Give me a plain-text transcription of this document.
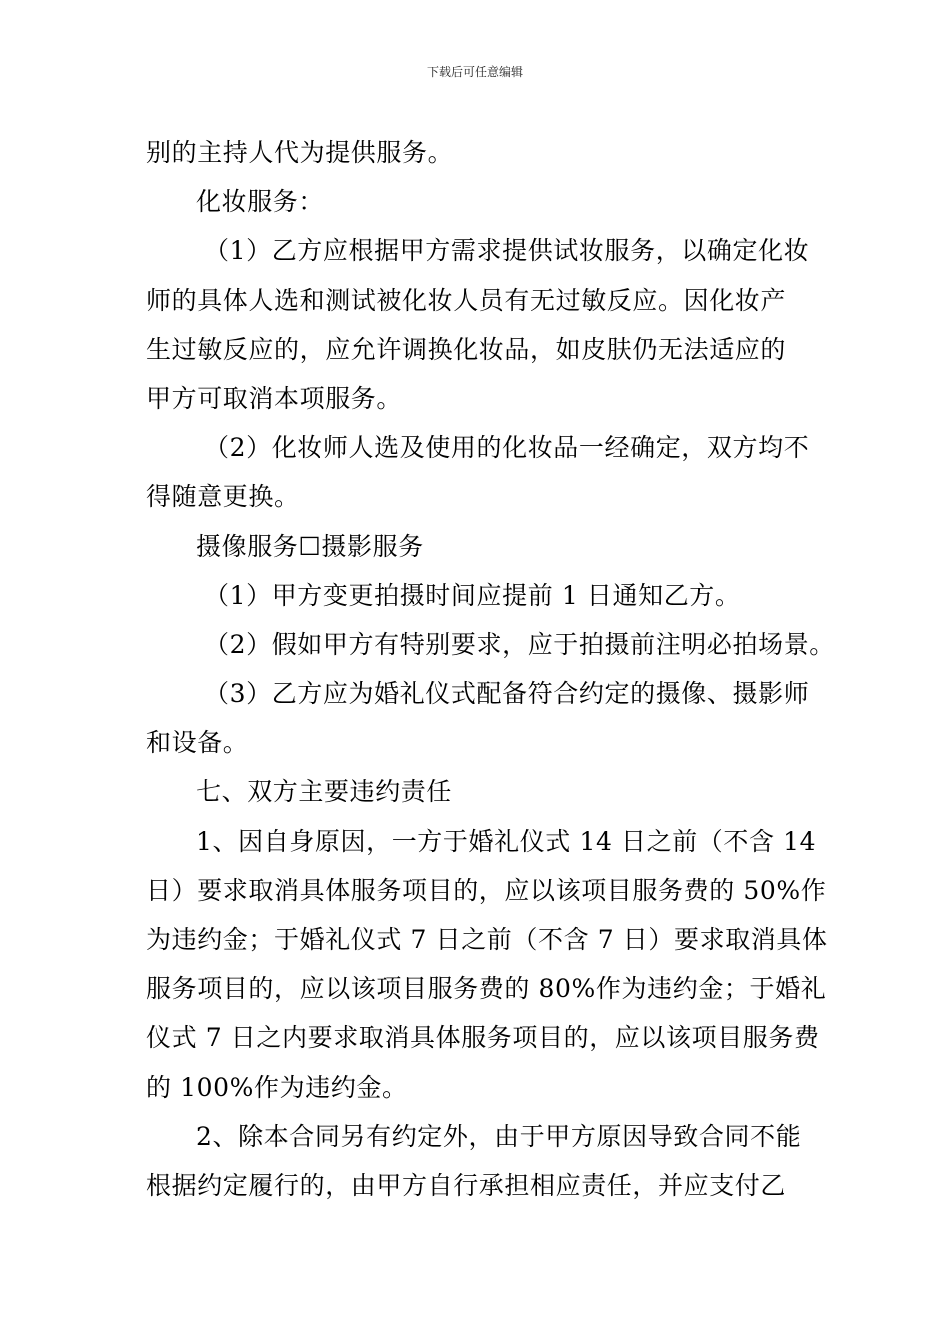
下载后可任意编辑
别的主持人代为提供服务。
化妆服务：
（1）乙方应根据甲方需求提供试妆服务，以确定化妆
师的具体人选和测试被化妆人员有无过敏反应。因化妆产
生过敏反应的，应允许调换化妆品，如皮肤仍无法适应的
甲方可取消本项服务。
（2）化妆师人选及使用的化妆品一经确定，双方均不
得随意更换。
摄像服务☐摄影服务
（1）甲方变更拍摄时间应提前 1 日通知乙方。
（2）假如甲方有特别要求，应于拍摄前注明必拍场景。
（3）乙方应为婚礼仪式配备符合约定的摄像、摄影师
和设备。
七、双方主要违约责任
1、因自身原因，一方于婚礼仪式 14 日之前（不含 14
日）要求取消具体服务项目的，应以该项目服务费的 50%作
为违约金；于婚礼仪式 7 日之前（不含 7 日）要求取消具体
服务项目的，应以该项目服务费的 80%作为违约金；于婚礼
仪式 7 日之内要求取消具体服务项目的，应以该项目服务费
的 100%作为违约金。
2、除本合同另有约定外，由于甲方原因导致合同不能
根据约定履行的，由甲方自行承担相应责任，并应支付乙
